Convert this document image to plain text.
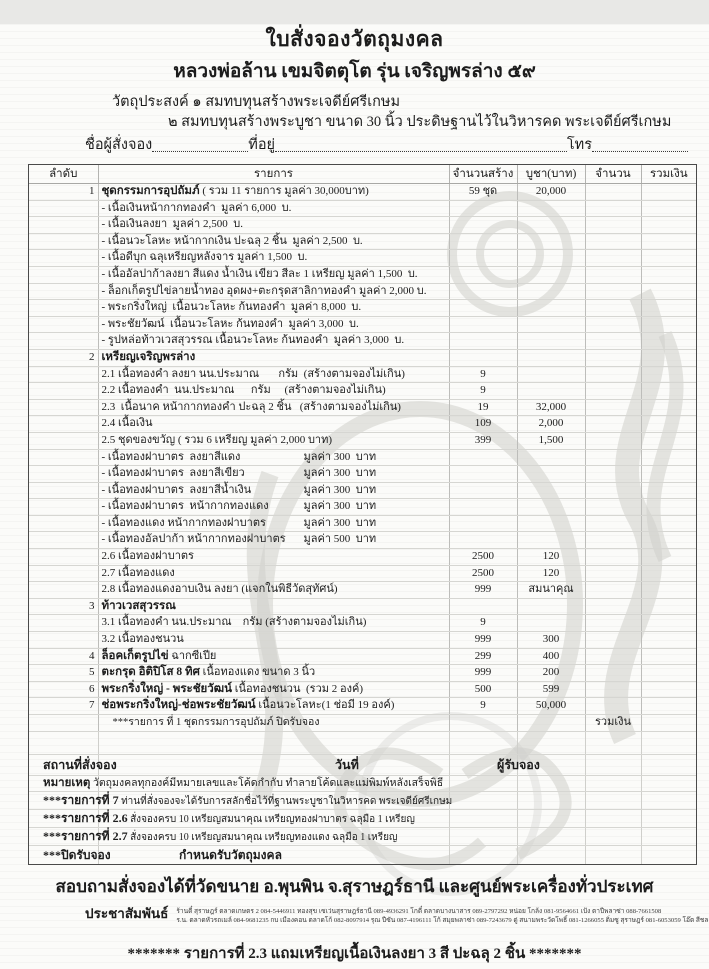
ใบสั่งจองวัตถุมงคล
หลวงพ่อล้าน เขมจิตตุโต รุ่น เจริญพรล่าง ๕๙
วัตถุประสงค์ ๑ สมทบทุนสร้างพระเจดีย์ศรีเกษม
๒ สมทบทุนสร้างพระบูชา ขนาด 30 นิ้ว ประดิษฐานไว้ในวิหารคด พระเจดีย์ศรีเกษม
ชื่อผู้สั่งจอง	ที่อยู่	โทร
ลำดับ	รายการ	จำนวนสร้าง	บูชา(บาท)	จำนวน	รวมเงิน
1	ชุดกรรมการอุปถัมภ์ ( รวม 11 รายการ มูลค่า 30,000บาท)	59 ชุด	20,000		
	- เนื้อเงินหน้ากากทองคำ  มูลค่า 6,000  บ.				
	- เนื้อเงินลงยา  มูลค่า 2,500  บ.				
	- เนื้อนวะโลหะ หน้ากากเงิน ปะฉลุ 2 ชิ้น  มูลค่า 2,500  บ.				
	- เนื้อดีบุก ฉลุเหรียญหลังจาร มูลค่า 1,500  บ.				
	- เนื้ออัลปาก้าลงยา สีแดง น้ำเงิน เขียว สีละ 1 เหรียญ มูลค่า 1,500  บ.				
	- ล็อกเก็ตรูปไข่ลายน้ำทอง อุดผง+ตะกรุดสาลิกาทองคำ มูลค่า 2,000 บ.				
	- พระกริ่งใหญ่  เนื้อนวะโลหะ ก้นทองคำ  มูลค่า 8,000  บ.				
	- พระชัยวัฒน์  เนื้อนวะโลหะ ก้นทองคำ  มูลค่า 3,000  บ.				
	- รูปหล่อท้าวเวสสุวรรณ เนื้อนวะโลหะ ก้นทองคำ  มูลค่า 3,000  บ.				
2	เหรียญเจริญพรล่าง				
	2.1 เนื้อทองคำ ลงยา นน.ประมาณ       กรัม  (สร้างตามจองไม่เกิน)	9			
	2.2 เนื้อทองคำ  นน.ประมาณ      กรัม     (สร้างตามจองไม่เกิน)	9			
	2.3  เนื้อนาค หน้ากากทองคำ ปะฉลุ 2 ชิ้น   (สร้างตามจองไม่เกิน)	19	32,000		
	2.4 เนื้อเงิน	109	2,000		
	2.5 ชุดของขวัญ ( รวม 6 เหรียญ มูลค่า 2,000 บาท)	399	1,500		
	- เนื้อทองฝาบาตร  ลงยาสีแดง มูลค่า 300  บาท				

	- เนื้อทองฝาบาตร  ลงยาสีเขียว มูลค่า 300  บาท				

	- เนื้อทองฝาบาตร  ลงยาสีน้ำเงิน มูลค่า 300  บาท				

	- เนื้อทองฝาบาตร  หน้ากากทองแดง มูลค่า 300  บาท				

	- เนื้อทองแดง หน้ากากทองฝาบาตร มูลค่า 300  บาท				

	- เนื้อทองอัลปาก้า หน้ากากทองฝาบาตร มูลค่า 500  บาท				

	2.6 เนื้อทองฝาบาตร	2500	120		
	2.7 เนื้อทองแดง	2500	120		
	2.8 เนื้อทองแดงอาบเงิน ลงยา (แจกในพิธีวัดสุทัศน์)	999	สมนาคุณ		
3	ท้าวเวสสุวรรณ				
	3.1 เนื้อทองคำ นน.ประมาณ    กรัม (สร้างตามจองไม่เกิน)	9			
	3.2 เนื้อทองชนวน	999	300		
4	ล็อคเก็ตรูปไข่ ฉากซีเปีย	299	400		
5	ตะกรุด อิติปิโส 8 ทิศ เนื้อทองแดง ขนาด 3 นิ้ว	999	200		
6	พระกริ่งใหญ่ - พระชัยวัฒน์ เนื้อทองชนวน  (รวม 2 องค์)	500	599		
7	ช่อพระกริ่งใหญ่-ช่อพระชัยวัฒน์ เนื้อนวะโลหะ(1 ช่อมี 19 องค์)	9	50,000		
	***รายการ ที่ 1 ชุดกรรมการอุปถัมภ์ ปิดรับจอง			รวมเงิน	
สถานที่สั่งจอง	วันที่	ผู้รับจอง
หมายเหตุ วัตถุมงคลทุกองค์มีหมายเลขและโค้ดกำกับ ทำลายโค้ดและแม่พิมพ์หลังเสร็จพิธี
***รายการที่ 7 ท่านที่สั่งจองจะได้รับการสลักชื่อไว้ที่ฐานพระบูชาในวิหารคด พระเจดีย์ศรีเกษม
***รายการที่ 2.6 สั่งจองครบ 10 เหรียญสมนาคุณ เหรียญทองฝาบาตร ฉลุมือ 1 เหรียญ
***รายการที่ 2.7 สั่งจองครบ 10 เหรียญสมนาคุณ เหรียญทองแดง ฉลุมือ 1 เหรียญ
***ปิดรับจอง	กำหนดรับวัตถุมงคล
สอบถามสั่งจองได้ที่วัดขนาย อ.พุนพิน จ.สุราษฎร์ธานี และศูนย์พระเครื่องทั่วประเทศ
ประชาสัมพันธ์ ร้านตี๋ สุราษฎร์ ตลาดเกษตร 2 084-5446911 ทองสุข เซเว่นสุราษฎร์ธานี 089-4936291 โกตี๋ ตลาดบางนาสาร 089-2797292 หน่อย โกล้ง 081-9564661 เป้ง ตาปีพลาซ่า 088-7661508
ร.น. ตลาดหัวรถเมล์ 084-9681235 กบ เมืองคอน ตลาดโก้ 082-8097914 รุณ ปีซัน 087-4196111 โก้ สมุยพลาซ่า 089-7243679 ตู่ สนามพระวัดโพธิ์ 081-1266055 ติ่มซู สุราษฎร์ 081-6053059 โอ๊ต สีชล
******* รายการที่ 2.3 แถมเหรียญเนื้อเงินลงยา 3 สี ปะฉลุ 2 ชิ้น *******
